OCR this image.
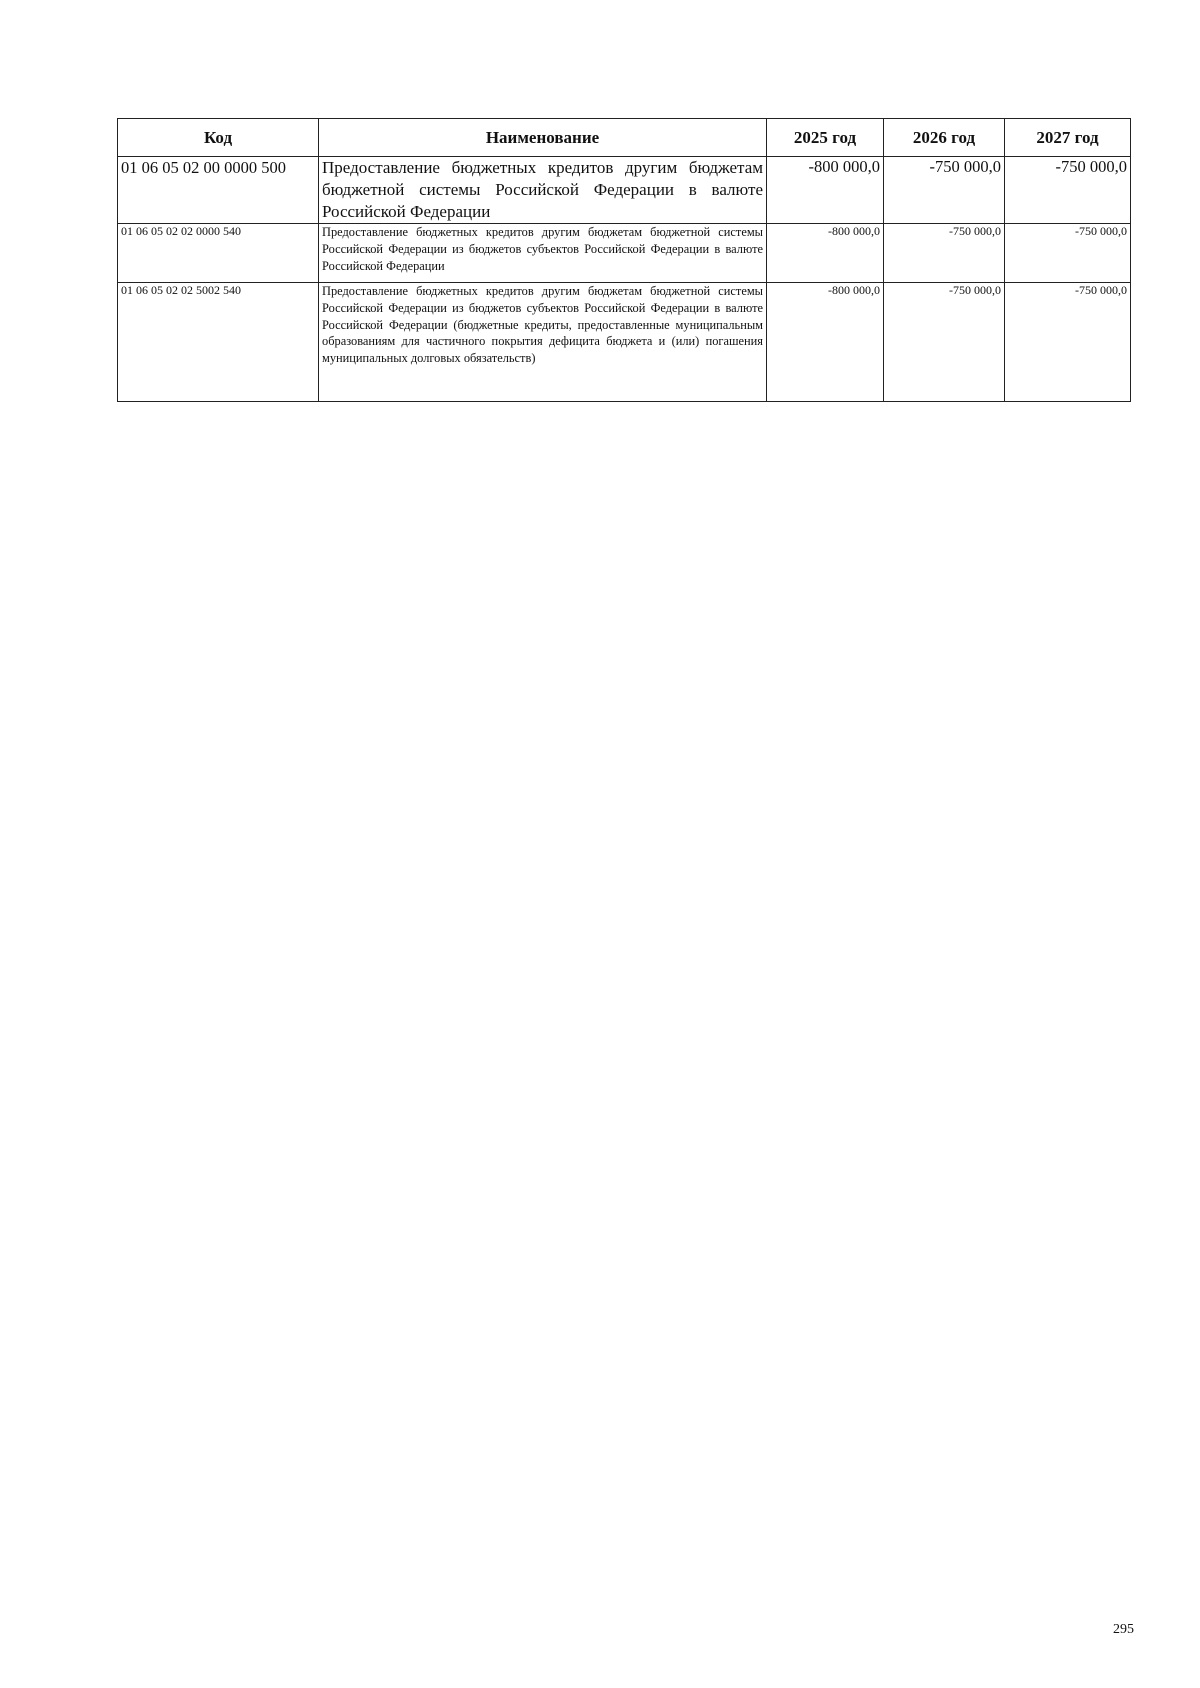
Код	Наименование	2025 год	2026 год	2027 год
01 06 05 02 00 0000 500	Предоставление бюджетных кредитов другим бюджетам бюджетной системы Российской Федерации в валюте Российской Федерации	-800 000,0	-750 000,0	-750 000,0
01 06 05 02 02 0000 540	Предоставление бюджетных кредитов другим бюджетам бюджетной системы Российской Федерации из бюджетов субъектов Российской Федерации в валюте Российской Федерации	-800 000,0	-750 000,0	-750 000,0
01 06 05 02 02 5002 540	Предоставление бюджетных кредитов другим бюджетам бюджетной системы Российской Федерации из бюджетов субъектов Российской Федерации в валюте Российской Федерации (бюджетные кредиты, предоставленные муниципальным образованиям для частичного покрытия дефицита бюджета и (или) погашения муниципальных долговых обязательств)	-800 000,0	-750 000,0	-750 000,0
295
